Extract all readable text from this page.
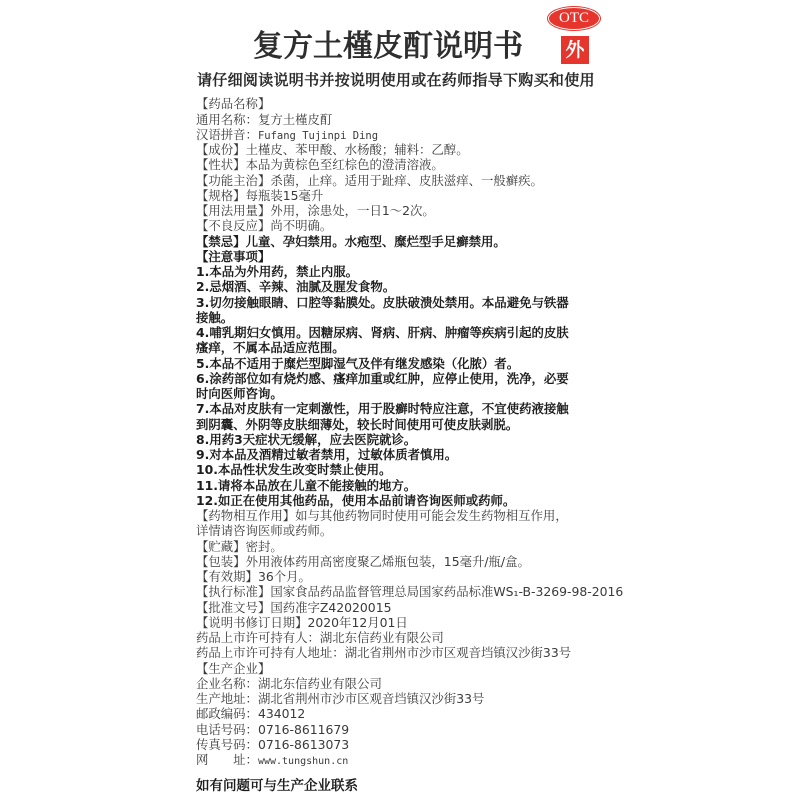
OTC
外
复方土槿皮酊说明书
请仔细阅读说明书并按说明使用或在药师指导下购买和使用
【药品名称】
通用名称：复方土槿皮酊
汉语拼音：Fufang Tujinpi Ding
【成份】土槿皮、苯甲酸、水杨酸；辅料：乙醇。
【性状】本品为黄棕色至红棕色的澄清溶液。
【功能主治】杀菌，止痒。适用于趾痒、皮肤滋痒、一般癣疾。
【规格】每瓶装15毫升
【用法用量】外用，涂患处，一日1～2次。
【不良反应】尚不明确。
【禁忌】儿童、孕妇禁用。水疱型、糜烂型手足癣禁用。
【注意事项】
1.本品为外用药，禁止内服。
2.忌烟酒、辛辣、油腻及腥发食物。
3.切勿接触眼睛、口腔等黏膜处。皮肤破溃处禁用。本品避免与铁器
接触。
4.哺乳期妇女慎用。因糖尿病、肾病、肝病、肿瘤等疾病引起的皮肤
瘙痒，不属本品适应范围。
5.本品不适用于糜烂型脚湿气及伴有继发感染（化脓）者。
6.涂药部位如有烧灼感、瘙痒加重或红肿，应停止使用，洗净，必要
时向医师咨询。
7.本品对皮肤有一定刺激性，用于股癣时特应注意，不宜使药液接触
到阴囊、外阴等皮肤细薄处，较长时间使用可使皮肤剥脱。
8.用药3天症状无缓解，应去医院就诊。
9.对本品及酒精过敏者禁用，过敏体质者慎用。
10.本品性状发生改变时禁止使用。
11.请将本品放在儿童不能接触的地方。
12.如正在使用其他药品，使用本品前请咨询医师或药师。
【药物相互作用】如与其他药物同时使用可能会发生药物相互作用，
详情请咨询医师或药师。
【贮藏】密封。
【包装】外用液体药用高密度聚乙烯瓶包装，15毫升/瓶/盒。
【有效期】36个月。
【执行标准】国家食品药品监督管理总局国家药品标准WS₁-B-3269-98-2016
【批准文号】国药准字Z42020015
【说明书修订日期】2020年12月01日
药品上市许可持有人：湖北东信药业有限公司
药品上市许可持有人地址：湖北省荆州市沙市区观音垱镇汉沙街33号
【生产企业】
企业名称：湖北东信药业有限公司
生产地址：湖北省荆州市沙市区观音垱镇汉沙街33号
邮政编码：434012
电话号码：0716-8611679
传真号码：0716-8613073
网　　址：www.tungshun.cn
如有问题可与生产企业联系
